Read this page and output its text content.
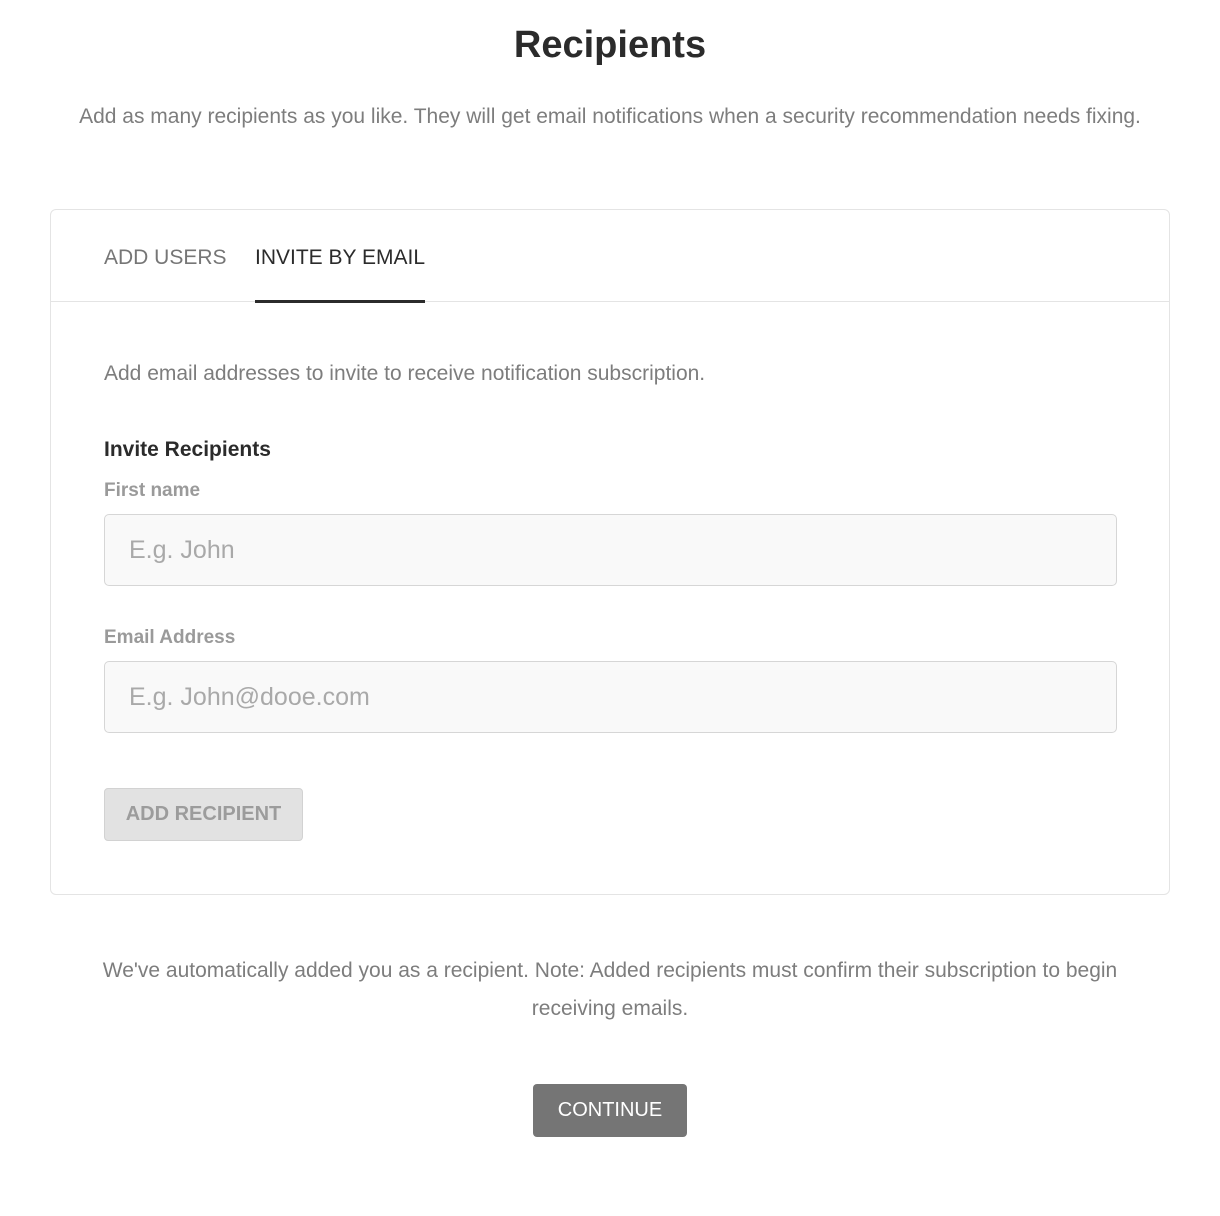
Recipients

Add as many recipients as you like. They will get email notifications when a security recommendation needs fixing.

ADD USERS INVITE BY EMAIL

Add email addresses to invite to receive notification subscription.

Invite Recipients
First name
E.g. John
Email Address
E.g. John@dooe.com
ADD RECIPIENT

We've automatically added you as a recipient. Note: Added recipients must confirm their subscription to begin receiving emails.

CONTINUE
